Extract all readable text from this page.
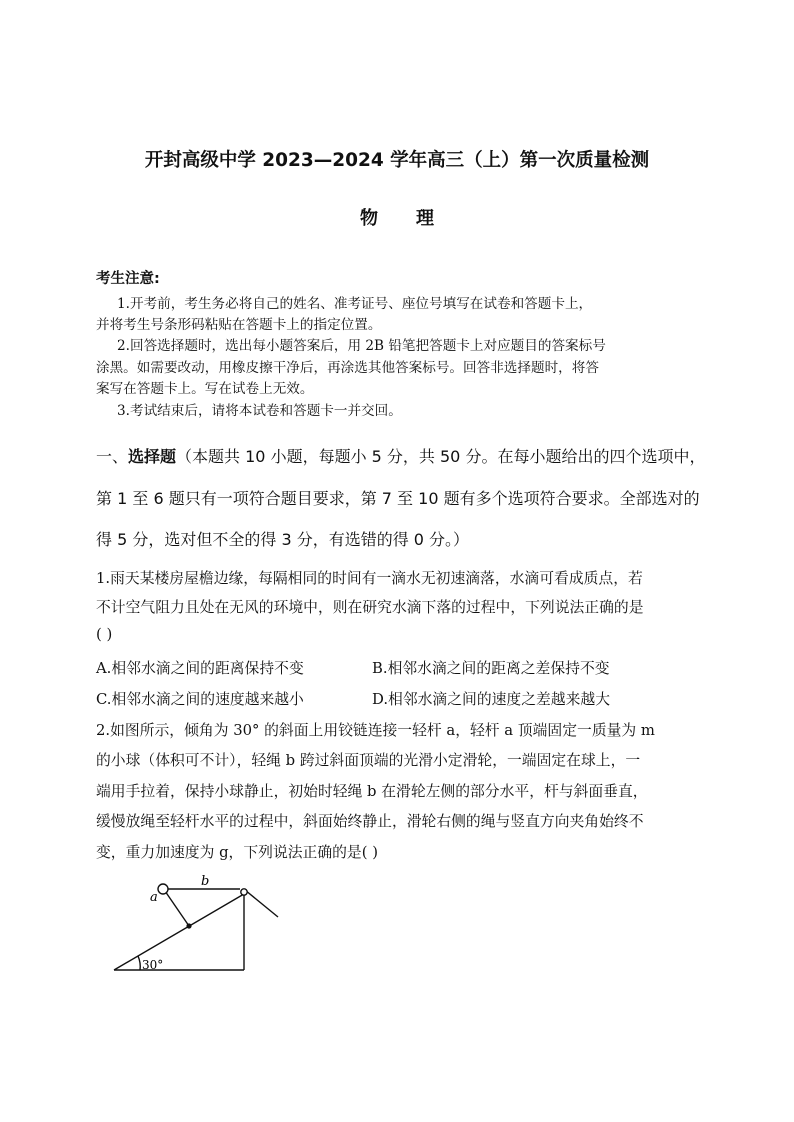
开封高级中学 2023—2024 学年高三（上）第一次质量检测
物理
考生注意:
1.开考前，考生务必将自己的姓名、准考证号、座位号填写在试卷和答题卡上，
并将考生号条形码粘贴在答题卡上的指定位置。
2.回答选择题时，选出每小题答案后，用 2B 铅笔把答题卡上对应题目的答案标号
涂黑。如需要改动，用橡皮擦干净后，再涂选其他答案标号。回答非选择题时，将答
案写在答题卡上。写在试卷上无效。
3.考试结束后，请将本试卷和答题卡一并交回。
一、选择题（本题共 10 小题，每题小 5 分，共 50 分。在每小题给出的四个选项中，
第 1 至 6 题只有一项符合题目要求，第 7 至 10 题有多个选项符合要求。全部选对的
得 5 分，选对但不全的得 3 分，有选错的得 0 分。）
1.雨天某楼房屋檐边缘，每隔相同的时间有一滴水无初速滴落，水滴可看成质点，若
不计空气阻力且处在无风的环境中，则在研究水滴下落的过程中，下列说法正确的是
( )
A.相邻水滴之间的距离保持不变	B.相邻水滴之间的距离之差保持不变
C.相邻水滴之间的速度越来越小	D.相邻水滴之间的速度之差越来越大
2.如图所示，倾角为 30° 的斜面上用铰链连接一轻杆 a，轻杆 a 顶端固定一质量为 m
的小球（体积可不计），轻绳 b 跨过斜面顶端的光滑小定滑轮，一端固定在球上，一
端用手拉着，保持小球静止，初始时轻绳 b 在滑轮左侧的部分水平，杆与斜面垂直，
缓慢放绳至轻杆水平的过程中，斜面始终静止，滑轮右侧的绳与竖直方向夹角始终不
变，重力加速度为 g，下列说法正确的是( )
a
b
30°
